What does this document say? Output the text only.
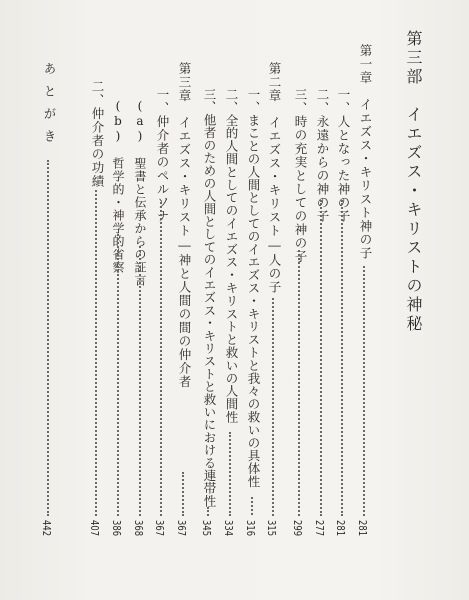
第三部　イエズス・キリストの神秘
第一章　イエズス・キリスト神の子
281
一、人となった神の子
281
二、永遠からの神の子
277
三、時の充実としての神の子
299
第二章　イエズス・キリスト―人の子
315
一、まことの人間としてのイエズス・キリストと我々の救いの具体性
316
二、全的人間としてのイエズス・キリストと救いの人間性
334
三、他者のための人間としてのイエズス・キリストと救いにおける連帯性
345
第三章　イエズス・キリスト―神と人間の間の仲介者
367
一、仲介者のペルソナ
367
(a)　聖書と伝承からの証言
368
(b)　哲学的・神学的省察
386
二、仲介者の功績
407
あとがき
442
